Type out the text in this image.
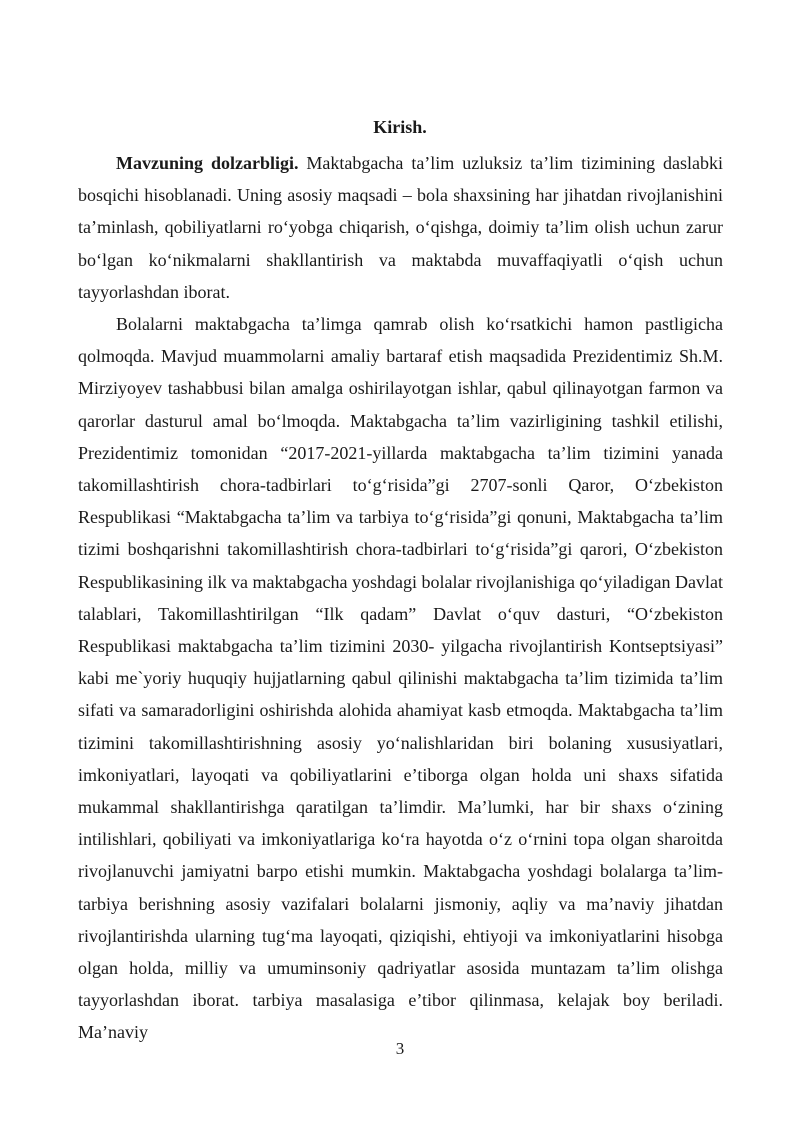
Kirish.

Mavzuning dolzarbligi. Maktabgacha ta’lim uzluksiz ta’lim tizimining daslabki bosqichi hisoblanadi. Uning asosiy maqsadi – bola shaxsining har jihatdan rivojlanishini ta’minlash, qobiliyatlarni ro‘yobga chiqarish, o‘qishga, doimiy ta’lim olish uchun zarur bo‘lgan ko‘nikmalarni shakllantirish va maktabda muvaffaqiyatli o‘qish uchun tayyorlashdan iborat.

Bolalarni maktabgacha ta’limga qamrab olish ko‘rsatkichi hamon pastligicha qolmoqda. Mavjud muammolarni amaliy bartaraf etish maqsadida Prezidentimiz Sh.M. Mirziyoyev tashabbusi bilan amalga oshirilayotgan ishlar, qabul qilinayotgan farmon va qarorlar dasturul amal bo‘lmoqda. Maktabgacha ta’lim vazirligining tashkil etilishi, Prezidentimiz tomonidan “2017-2021-yillarda maktabgacha ta’lim tizimini yanada takomillashtirish chora-tadbirlari to‘g‘risida”gi 2707-sonli Qaror, O‘zbekiston Respublikasi “Maktabgacha ta’lim va tarbiya to‘g‘risida”gi qonuni, Maktabgacha ta’lim tizimi boshqarishni takomillashtirish chora-tadbirlari to‘g‘risida”gi qarori, O‘zbekiston Respublikasining ilk va maktabgacha yoshdagi bolalar rivojlanishiga qo‘yiladigan Davlat talablari, Takomillashtirilgan “Ilk qadam” Davlat o‘quv dasturi, “O‘zbekiston Respublikasi maktabgacha ta’lim tizimini 2030- yilgacha rivojlantirish Kontseptsiyasi” kabi me`yoriy huquqiy hujjatlarning qabul qilinishi maktabgacha ta’lim tizimida ta’lim sifati va samaradorligini oshirishda alohida ahamiyat kasb etmoqda. Maktabgacha ta’lim tizimini takomillashtirishning asosiy yo‘nalishlaridan biri bolaning xususiyatlari, imkoniyatlari, layoqati va qobiliyatlarini e’tiborga olgan holda uni shaxs sifatida mukammal shakllantirishga qaratilgan ta’limdir. Ma’lumki, har bir shaxs o‘zining intilishlari, qobiliyati va imkoniyatlariga ko‘ra hayotda o‘z o‘rnini topa olgan sharoitda rivojlanuvchi jamiyatni barpo etishi mumkin. Maktabgacha yoshdagi bolalarga ta’lim-tarbiya berishning asosiy vazifalari bolalarni jismoniy, aqliy va ma’naviy jihatdan rivojlantirishda ularning tug‘ma layoqati, qiziqishi, ehtiyoji va imkoniyatlarini hisobga olgan holda, milliy va umuminsoniy qadriyatlar asosida muntazam ta’lim olishga tayyorlashdan iborat. tarbiya masalasiga e’tibor qilinmasa, kelajak boy beriladi. Ma’naviy

3
